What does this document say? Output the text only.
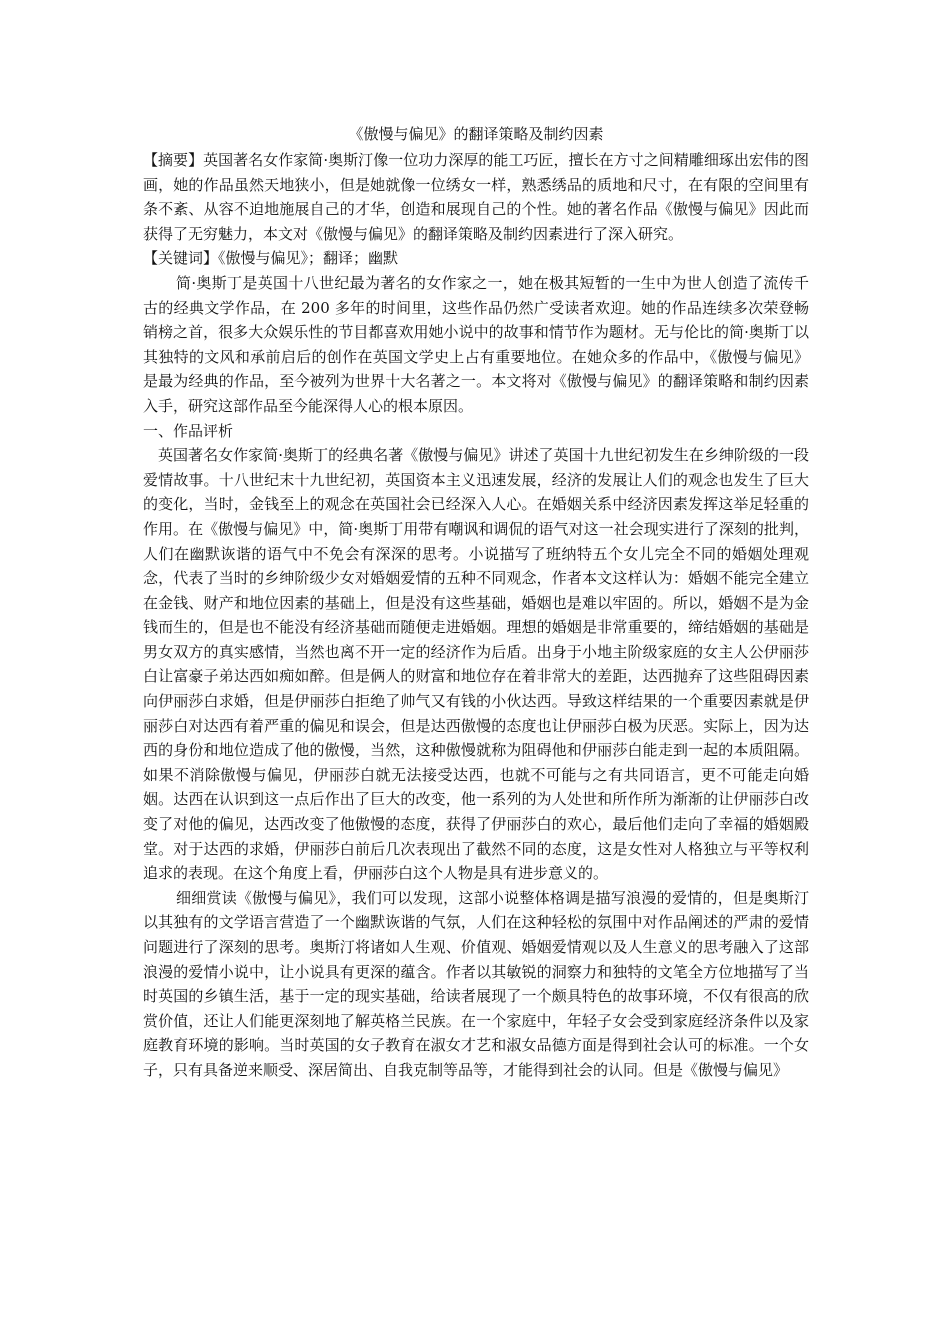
《傲慢与偏见》的翻译策略及制约因素

【摘要】英国著名女作家简·奥斯汀像一位功力深厚的能工巧匠，擅长在方寸之间精雕细琢出宏伟的图画，她的作品虽然天地狭小，但是她就像一位绣女一样，熟悉绣品的质地和尺寸，在有限的空间里有条不紊、从容不迫地施展自己的才华，创造和展现自己的个性。她的著名作品《傲慢与偏见》因此而获得了无穷魅力，本文对《傲慢与偏见》的翻译策略及制约因素进行了深入研究。

【关键词】《傲慢与偏见》；翻译；幽默

简·奥斯丁是英国十八世纪最为著名的女作家之一，她在极其短暂的一生中为世人创造了流传千古的经典文学作品，在 200 多年的时间里，这些作品仍然广受读者欢迎。她的作品连续多次荣登畅销榜之首，很多大众娱乐性的节目都喜欢用她小说中的故事和情节作为题材。无与伦比的简·奥斯丁以其独特的文风和承前启后的创作在英国文学史上占有重要地位。在她众多的作品中，《傲慢与偏见》是最为经典的作品，至今被列为世界十大名著之一。本文将对《傲慢与偏见》的翻译策略和制约因素入手，研究这部作品至今能深得人心的根本原因。

一、作品评析

英国著名女作家简·奥斯丁的经典名著《傲慢与偏见》讲述了英国十九世纪初发生在乡绅阶级的一段爱情故事。十八世纪末十九世纪初，英国资本主义迅速发展，经济的发展让人们的观念也发生了巨大的变化，当时，金钱至上的观念在英国社会已经深入人心。在婚姻关系中经济因素发挥这举足轻重的作用。在《傲慢与偏见》中，简·奥斯丁用带有嘲讽和调侃的语气对这一社会现实进行了深刻的批判，人们在幽默诙谐的语气中不免会有深深的思考。小说描写了班纳特五个女儿完全不同的婚姻处理观念，代表了当时的乡绅阶级少女对婚姻爱情的五种不同观念，作者本文这样认为：婚姻不能完全建立在金钱、财产和地位因素的基础上，但是没有这些基础，婚姻也是难以牢固的。所以，婚姻不是为金钱而生的，但是也不能没有经济基础而随便走进婚姻。理想的婚姻是非常重要的，缔结婚姻的基础是男女双方的真实感情，当然也离不开一定的经济作为后盾。出身于小地主阶级家庭的女主人公伊丽莎白让富豪子弟达西如痴如醉。但是俩人的财富和地位存在着非常大的差距，达西抛弃了这些阻碍因素向伊丽莎白求婚，但是伊丽莎白拒绝了帅气又有钱的小伙达西。导致这样结果的一个重要因素就是伊丽莎白对达西有着严重的偏见和误会，但是达西傲慢的态度也让伊丽莎白极为厌恶。实际上，因为达西的身份和地位造成了他的傲慢，当然，这种傲慢就称为阻碍他和伊丽莎白能走到一起的本质阻隔。如果不消除傲慢与偏见，伊丽莎白就无法接受达西，也就不可能与之有共同语言，更不可能走向婚姻。达西在认识到这一点后作出了巨大的改变，他一系列的为人处世和所作所为渐渐的让伊丽莎白改变了对他的偏见，达西改变了他傲慢的态度，获得了伊丽莎白的欢心，最后他们走向了幸福的婚姻殿堂。对于达西的求婚，伊丽莎白前后几次表现出了截然不同的态度，这是女性对人格独立与平等权利追求的表现。在这个角度上看，伊丽莎白这个人物是具有进步意义的。

细细赏读《傲慢与偏见》，我们可以发现，这部小说整体格调是描写浪漫的爱情的，但是奥斯汀以其独有的文学语言营造了一个幽默诙谐的气氛，人们在这种轻松的氛围中对作品阐述的严肃的爱情问题进行了深刻的思考。奥斯汀将诸如人生观、价值观、婚姻爱情观以及人生意义的思考融入了这部浪漫的爱情小说中，让小说具有更深的蕴含。作者以其敏锐的洞察力和独特的文笔全方位地描写了当时英国的乡镇生活，基于一定的现实基础，给读者展现了一个颇具特色的故事环境，不仅有很高的欣赏价值，还让人们能更深刻地了解英格兰民族。在一个家庭中，年轻子女会受到家庭经济条件以及家庭教育环境的影响。当时英国的女子教育在淑女才艺和淑女品德方面是得到社会认可的标准。一个女子，只有具备逆来顺受、深居简出、自我克制等品等，才能得到社会的认同。但是《傲慢与偏见》
